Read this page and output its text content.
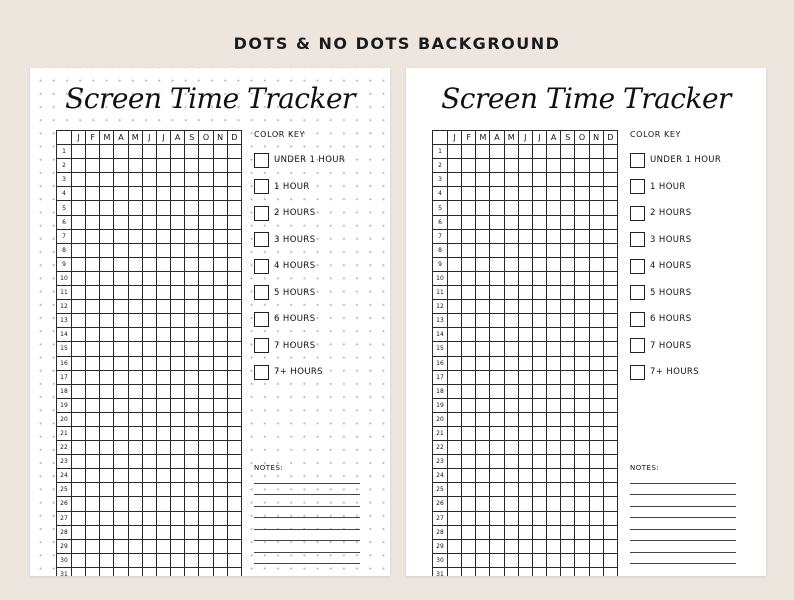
DOTS & NO DOTS BACKGROUND
Screen Time Tracker
	J	F	M	A	M	J	J	A	S	O	N	D
1												
2												
3												
4												
5												
6												
7												
8												
9												
10												
11												
12												
13												
14												
15												
16												
17												
18												
19												
20												
21												
22												
23												
24												
25												
26												
27												
28												
29												
30												
31												
COLOR KEY
UNDER 1 HOUR
1 HOUR
2 HOURS
3 HOURS
4 HOURS
5 HOURS
6 HOURS
7 HOURS
7+ HOURS
NOTES:
Screen Time Tracker
	J	F	M	A	M	J	J	A	S	O	N	D
1												
2												
3												
4												
5												
6												
7												
8												
9												
10												
11												
12												
13												
14												
15												
16												
17												
18												
19												
20												
21												
22												
23												
24												
25												
26												
27												
28												
29												
30												
31												
COLOR KEY
UNDER 1 HOUR
1 HOUR
2 HOURS
3 HOURS
4 HOURS
5 HOURS
6 HOURS
7 HOURS
7+ HOURS
NOTES:
